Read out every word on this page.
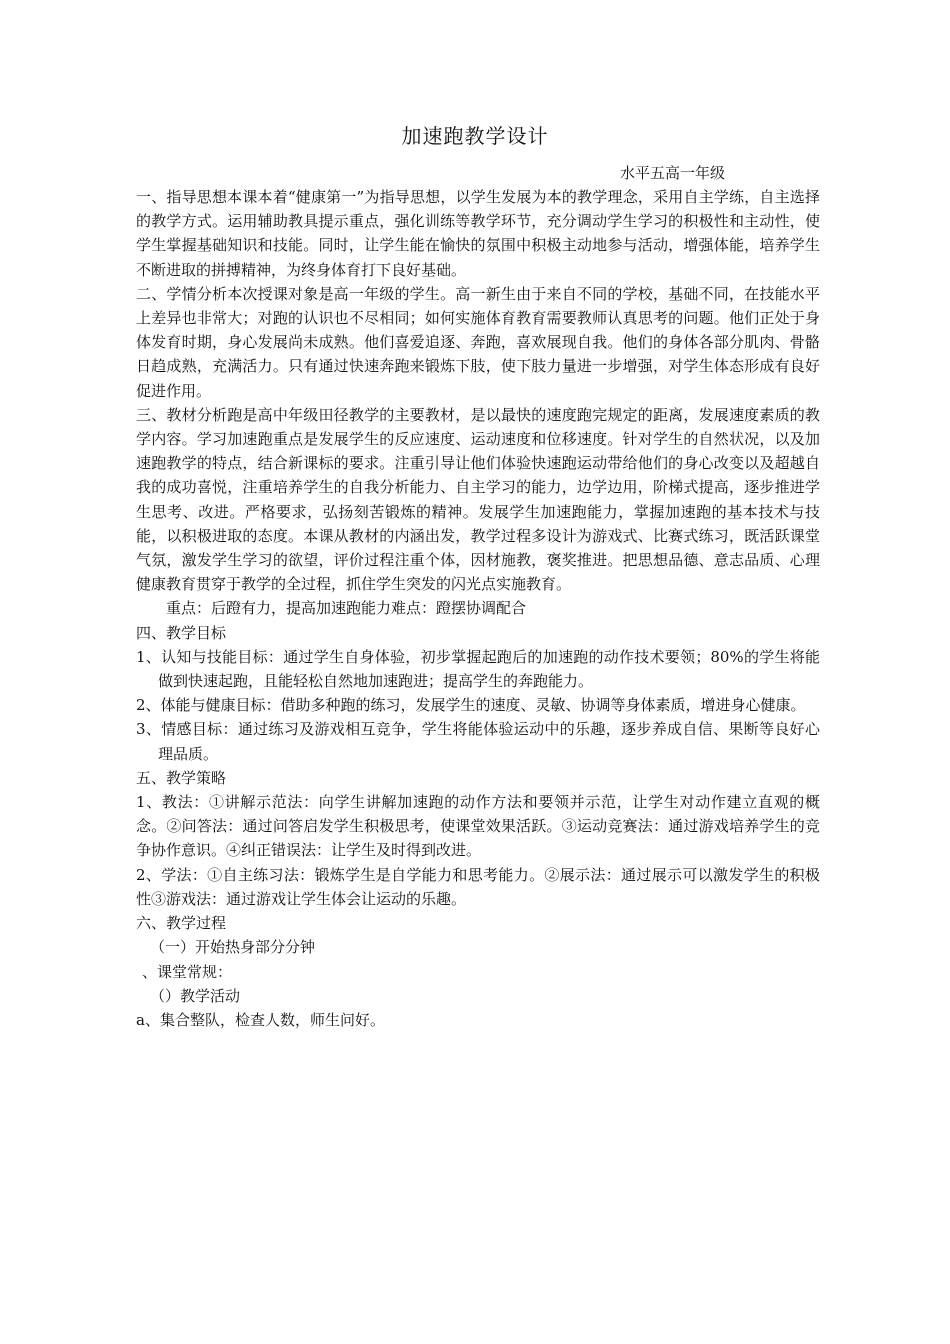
加速跑教学设计
水平五高一年级

一、指导思想本课本着“健康第一”为指导思想，以学生发展为本的教学理念，采用自主学练，自主选择的教学方式。运用辅助教具提示重点，强化训练等教学环节，充分调动学生学习的积极性和主动性，使学生掌握基础知识和技能。同时，让学生能在愉快的氛围中积极主动地参与活动，增强体能，培养学生不断进取的拼搏精神，为终身体育打下良好基础。

二、学情分析本次授课对象是高一年级的学生。高一新生由于来自不同的学校，基础不同，在技能水平上差异也非常大；对跑的认识也不尽相同；如何实施体育教育需要教师认真思考的问题。他们正处于身体发育时期，身心发展尚未成熟。他们喜爱追逐、奔跑，喜欢展现自我。他们的身体各部分肌肉、骨骼日趋成熟，充满活力。只有通过快速奔跑来锻炼下肢，使下肢力量进一步增强，对学生体态形成有良好促进作用。

三、教材分析跑是高中年级田径教学的主要教材，是以最快的速度跑完规定的距离，发展速度素质的教学内容。学习加速跑重点是发展学生的反应速度、运动速度和位移速度。针对学生的自然状况，以及加速跑教学的特点，结合新课标的要求。注重引导让他们体验快速跑运动带给他们的身心改变以及超越自我的成功喜悦，注重培养学生的自我分析能力、自主学习的能力，边学边用，阶梯式提高，逐步推进学生思考、改进。严格要求，弘扬刻苦锻炼的精神。发展学生加速跑能力，掌握加速跑的基本技术与技能，以积极进取的态度。本课从教材的内涵出发，教学过程多设计为游戏式、比赛式练习，既活跃课堂气氛，激发学生学习的欲望，评价过程注重个体，因材施教，褒奖推进。把思想品德、意志品质、心理健康教育贯穿于教学的全过程，抓住学生突发的闪光点实施教育。

重点：后蹬有力，提高加速跑能力难点：蹬摆协调配合

四、教学目标

1、认知与技能目标：通过学生自身体验，初步掌握起跑后的加速跑的动作技术要领；80%的学生将能做到快速起跑，且能轻松自然地加速跑进；提高学生的奔跑能力。

2、体能与健康目标：借助多种跑的练习，发展学生的速度、灵敏、协调等身体素质，增进身心健康。

3、情感目标：通过练习及游戏相互竞争，学生将能体验运动中的乐趣，逐步养成自信、果断等良好心理品质。

五、教学策略

1、教法：①讲解示范法：向学生讲解加速跑的动作方法和要领并示范，让学生对动作建立直观的概念。②问答法：通过问答启发学生积极思考，使课堂效果活跃。③运动竞赛法：通过游戏培养学生的竞争协作意识。④纠正错误法：让学生及时得到改进。

2、学法：①自主练习法：锻炼学生是自学能力和思考能力。②展示法：通过展示可以激发学生的积极性③游戏法：通过游戏让学生体会让运动的乐趣。

六、教学过程

（一）开始热身部分分钟

、课堂常规：

（）教学活动

a、集合整队，检查人数，师生问好。
